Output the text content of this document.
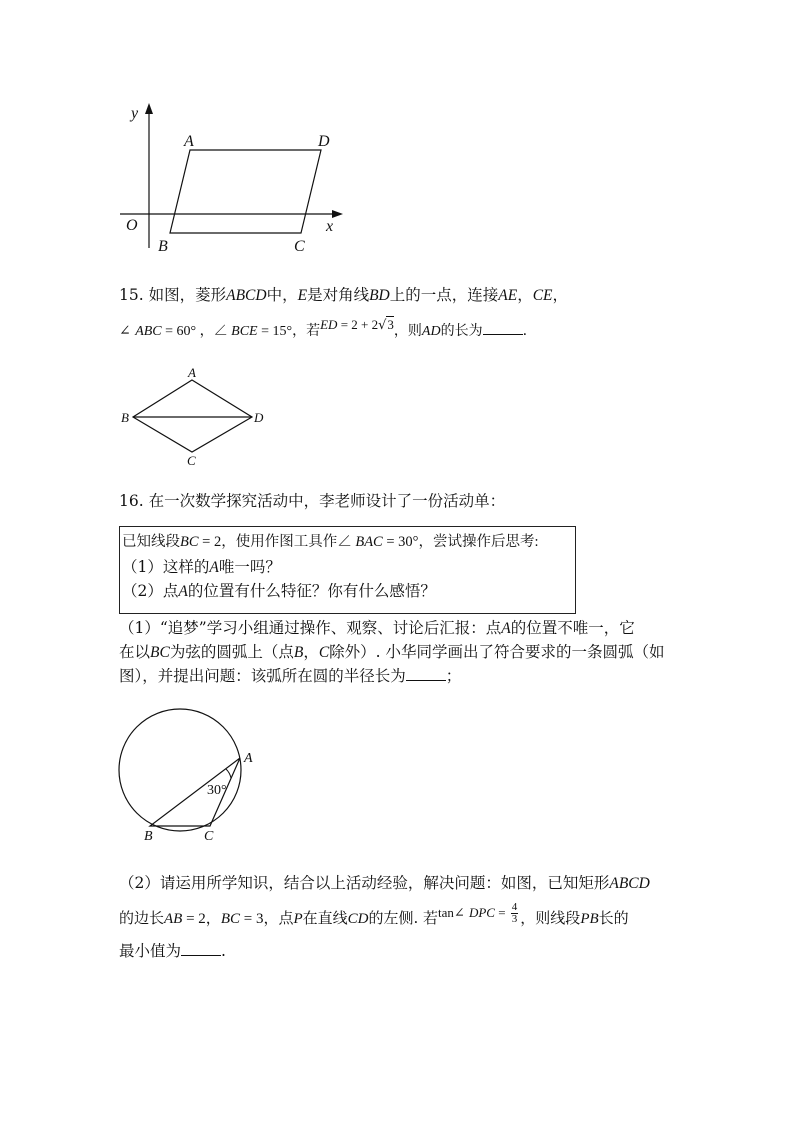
y
x
O
A	D
B	C
15. 如图，菱形ABCD中，E是对角线BD上的一点，连接AE，CE，
∠ ABC = 60° ，∠ BCE = 15°，若ED = 2 + 2√3，则AD的长为	.
A
B	D
C
16. 在一次数学探究活动中，李老师设计了一份活动单：
已知线段BC = 2，使用作图工具作∠ BAC = 30°，尝试操作后思考:
（1）这样的A唯一吗？
（2）点A的位置有什么特征？你有什么感悟？
（1）“追梦”学习小组通过操作、观察、讨论后汇报：点A的位置不唯一，它
在以BC为弦的圆弧上（点B，C除外）. 小华同学画出了符合要求的一条圆弧（如
图），并提出问题：该弧所在圆的半径长为	；
A
B	C
30°
（2）请运用所学知识，结合以上活动经验，解决问题：如图，已知矩形ABCD
的边长AB = 2，BC = 3，点P在直线CD的左侧. 若tan∠ DPC = $\frac{4}{3}$ ，则线段PB长的
最小值为	.
